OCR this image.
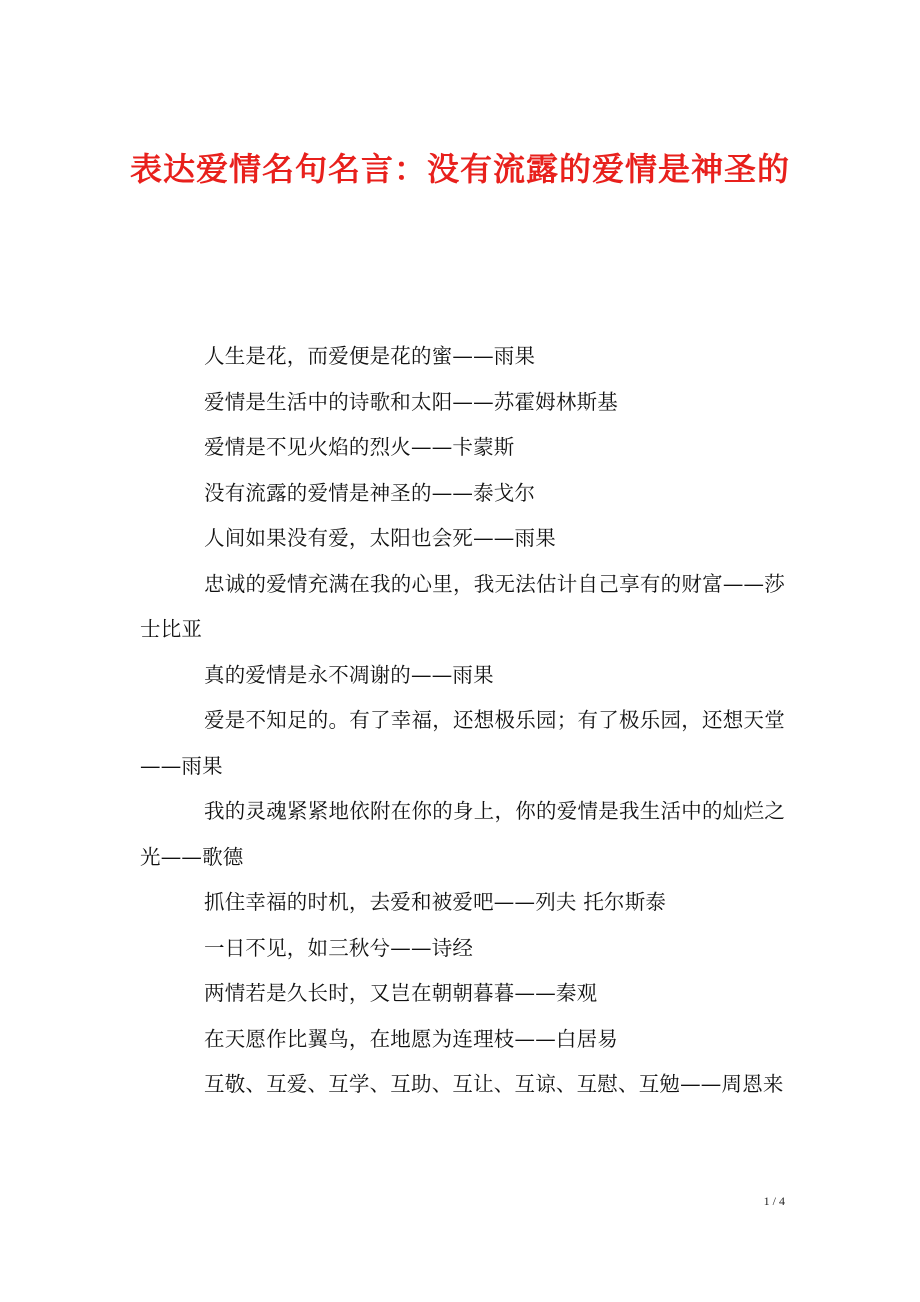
表达爱情名句名言：没有流露的爱情是神圣的

人生是花，而爱便是花的蜜——雨果

爱情是生活中的诗歌和太阳——苏霍姆林斯基

爱情是不见火焰的烈火——卡蒙斯

没有流露的爱情是神圣的——泰戈尔

人间如果没有爱，太阳也会死——雨果

忠诚的爱情充满在我的心里，我无法估计自己享有的财富——莎士比亚

真的爱情是永不凋谢的——雨果

爱是不知足的。有了幸福，还想极乐园；有了极乐园，还想天堂——雨果

我的灵魂紧紧地依附在你的身上，你的爱情是我生活中的灿烂之光——歌德

抓住幸福的时机，去爱和被爱吧——列夫 托尔斯泰

一日不见，如三秋兮——诗经

两情若是久长时，又岂在朝朝暮暮——秦观

在天愿作比翼鸟，在地愿为连理枝——白居易

互敬、互爱、互学、互助、互让、互谅、互慰、互勉——周恩来

1 / 4
